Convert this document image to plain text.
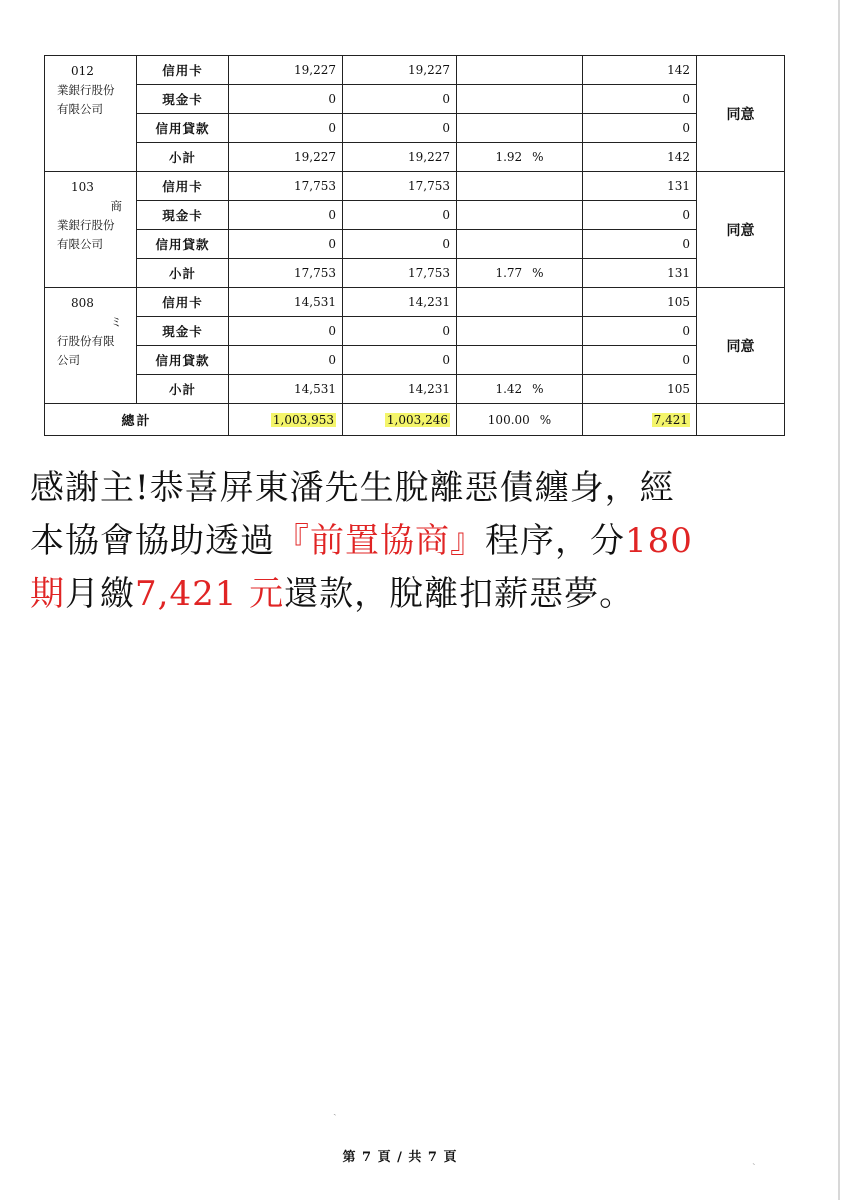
012
業銀行股份
有限公司	信用卡	19,227	19,227		142	同意
	現金卡	0	0		0	
	信用貸款	0	0		0	
	小計	19,227	19,227	1.92 %	142	

103
商
業銀行股份
有限公司	信用卡	17,753	17,753		131	同意
	現金卡	0	0		0	
	信用貸款	0	0		0	
	小計	17,753	17,753	1.77 %	131	

808
ミ
行股份有限
公司	信用卡	14,531	14,231		105	同意
	現金卡	0	0		0	
	信用貸款	0	0		0	
	小計	14,531	14,231	1.42 %	105	
總計		1,003,953	1,003,246	100.00 %	7,421	
感謝主!恭喜屏東潘先生脫離惡債纏身，經
本協會協助透過『前置協商』程序，分180
期月繳7,421 元還款，脫離扣薪惡夢。
第 7 頁 / 共 7 頁
ˎ
˴
